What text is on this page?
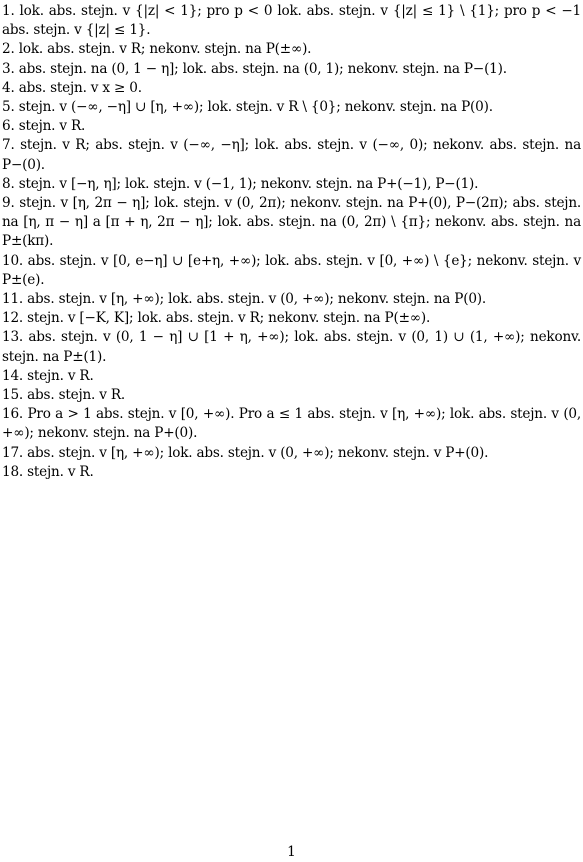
1. lok. abs. stejn. v {|z| < 1}; pro p < 0 lok. abs. stejn. v {|z| ≤ 1} \ {1}; pro p < −1 abs. stejn. v {|z| ≤ 1}.
2. lok. abs. stejn. v R; nekonv. stejn. na P(±∞).
3. abs. stejn. na (0, 1 − η]; lok. abs. stejn. na (0, 1); nekonv. stejn. na P−(1).
4. abs. stejn. v x ≥ 0.
5. stejn. v (−∞, −η] ∪ [η, +∞); lok. stejn. v R \ {0}; nekonv. stejn. na P(0).
6. stejn. v R.
7. stejn. v R; abs. stejn. v (−∞, −η]; lok. abs. stejn. v (−∞, 0); nekonv. abs. stejn. na P−(0).
8. stejn. v [−η, η]; lok. stejn. v (−1, 1); nekonv. stejn. na P+(−1), P−(1).
9. stejn. v [η, 2π − η]; lok. stejn. v (0, 2π); nekonv. stejn. na P+(0), P−(2π); abs. stejn. na [η, π − η] a [π + η, 2π − η]; lok. abs. stejn. na (0, 2π) \ {π}; nekonv. abs. stejn. na P±(kπ).
10. abs. stejn. v [0, e−η] ∪ [e+η, +∞); lok. abs. stejn. v [0, +∞) \ {e}; nekonv. stejn. v P±(e).
11. abs. stejn. v [η, +∞); lok. abs. stejn. v (0, +∞); nekonv. stejn. na P(0).
12. stejn. v [−K, K]; lok. abs. stejn. v R; nekonv. stejn. na P(±∞).
13. abs. stejn. v (0, 1 − η] ∪ [1 + η, +∞); lok. abs. stejn. v (0, 1) ∪ (1, +∞); nekonv. stejn. na P±(1).
14. stejn. v R.
15. abs. stejn. v R.
16. Pro a > 1 abs. stejn. v [0, +∞). Pro a ≤ 1 abs. stejn. v [η, +∞); lok. abs. stejn. v (0, +∞); nekonv. stejn. na P+(0).
17. abs. stejn. v [η, +∞); lok. abs. stejn. v (0, +∞); nekonv. stejn. v P+(0).
18. stejn. v R.
1
